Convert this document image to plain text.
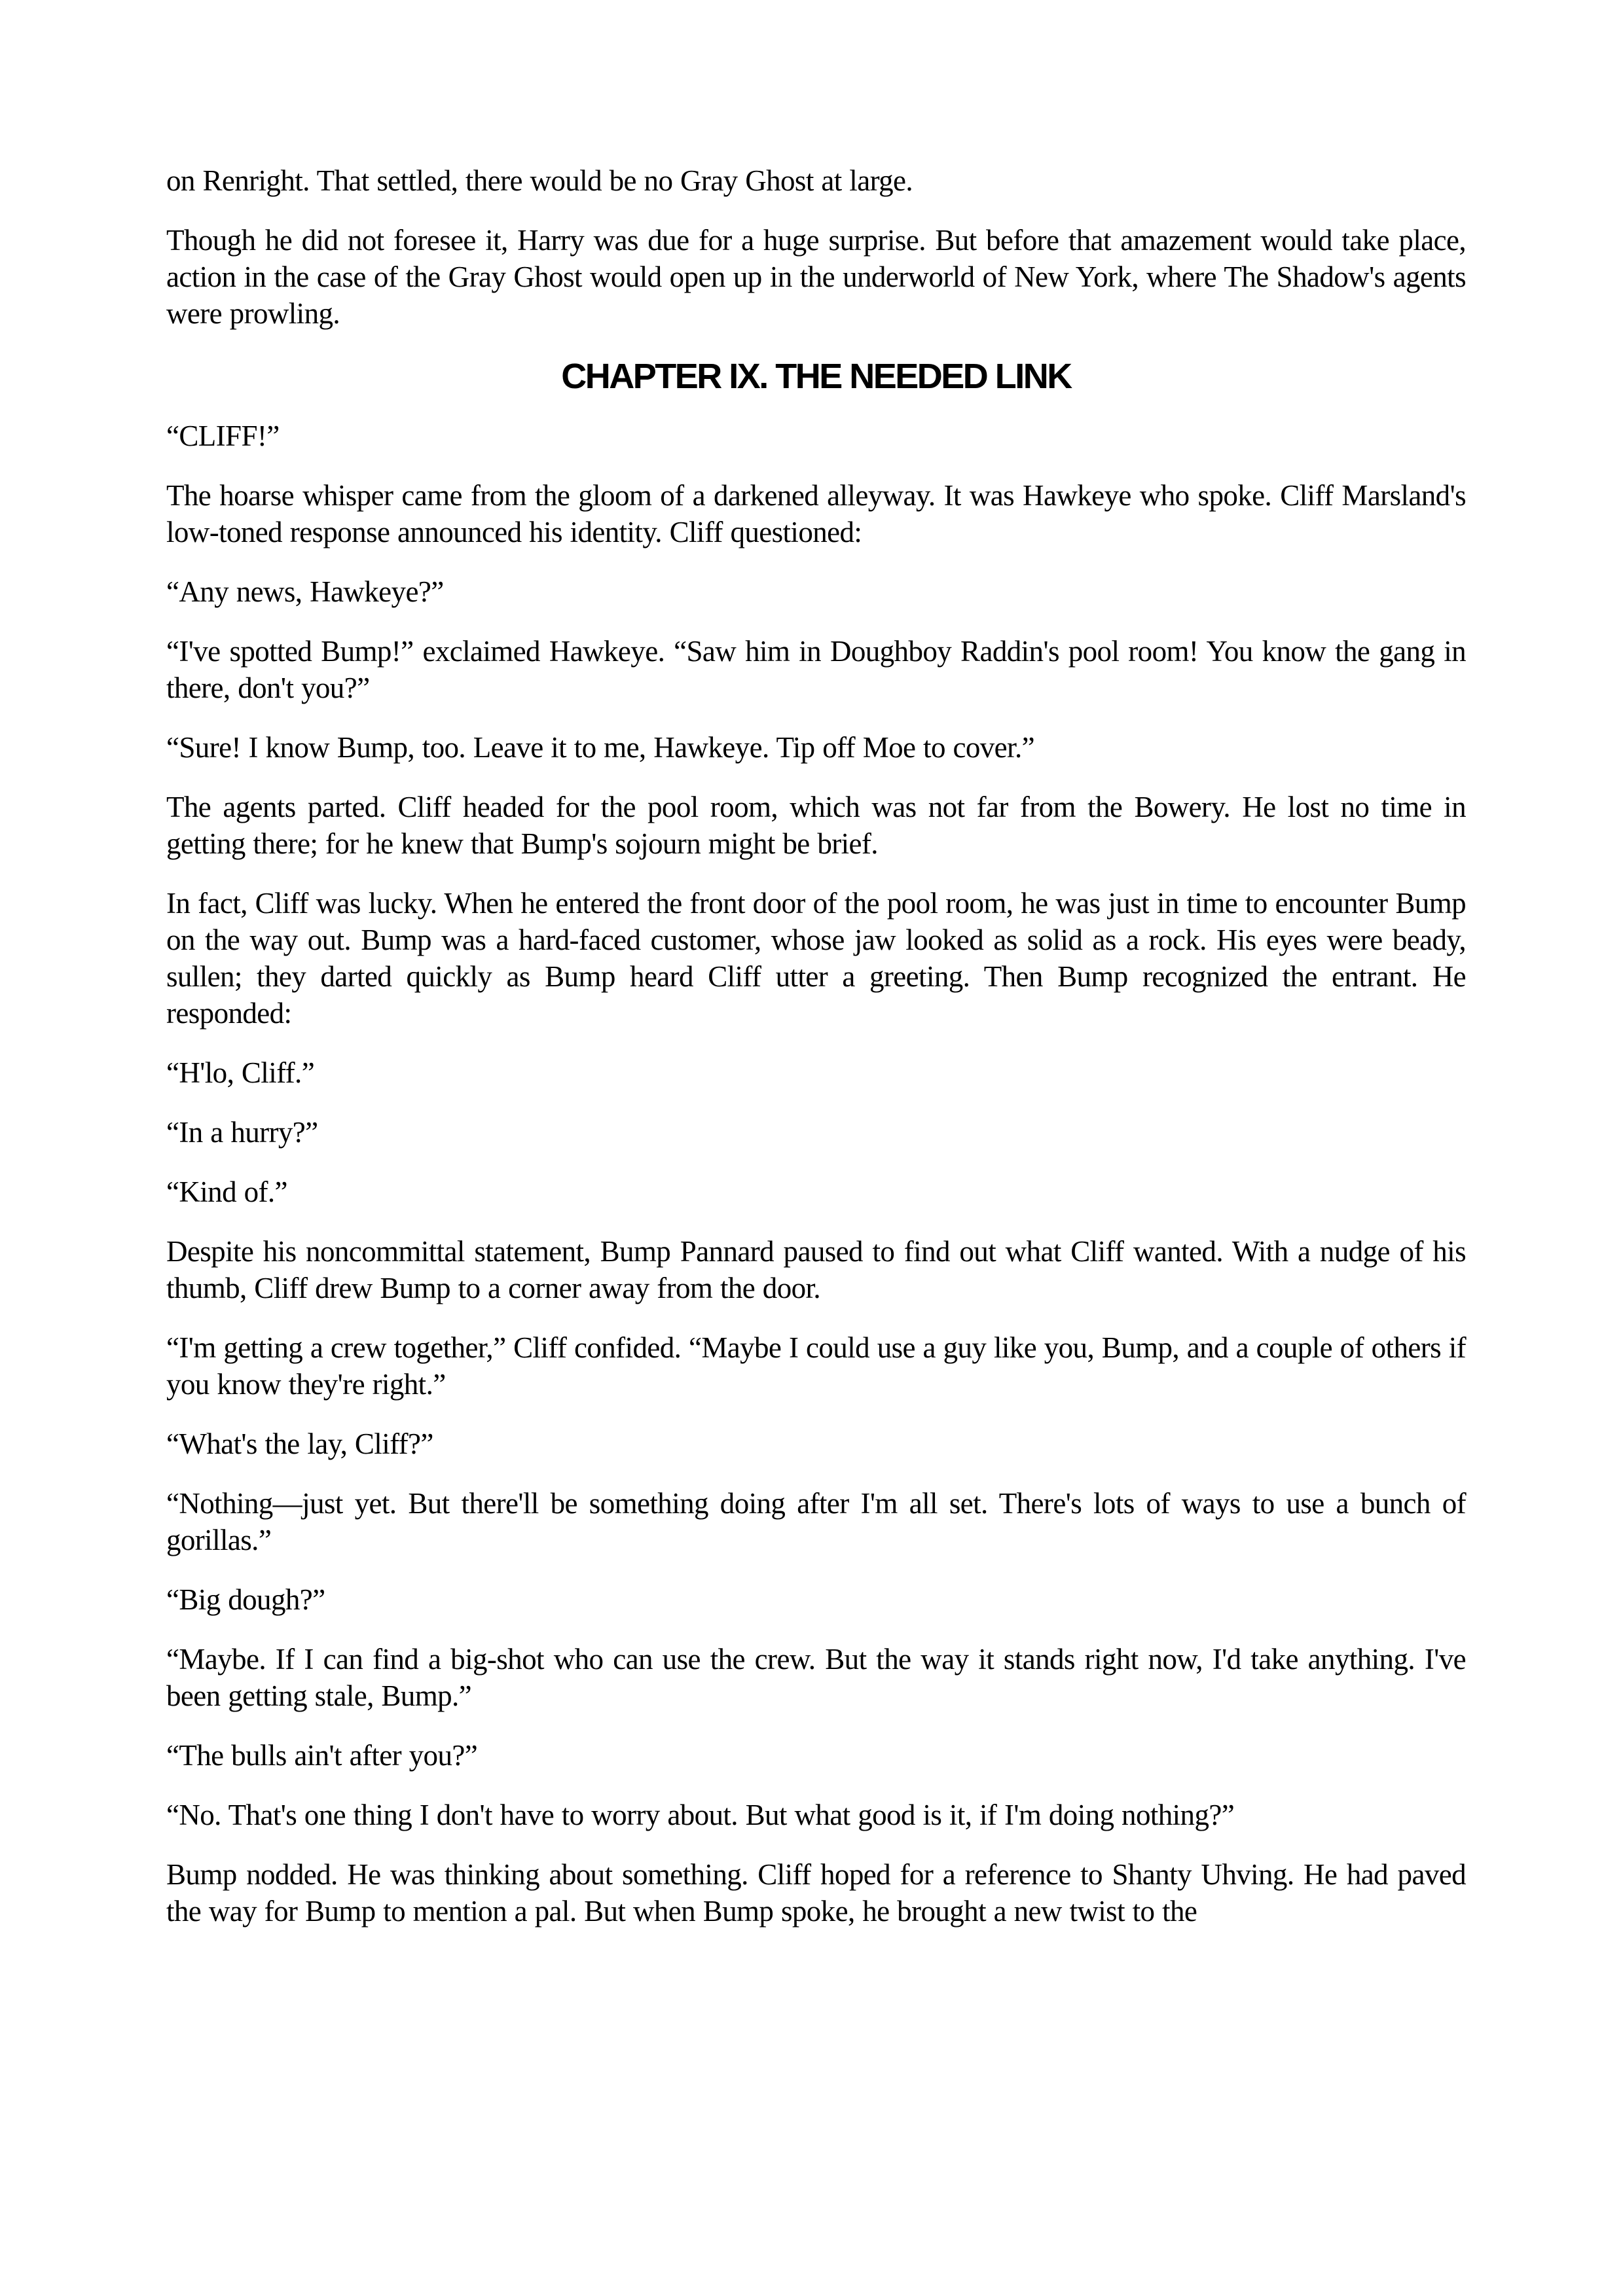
on Renright. That settled, there would be no Gray Ghost at large.

Though he did not foresee it, Harry was due for a huge surprise. But before that amazement would take place, action in the case of the Gray Ghost would open up in the underworld of New York, where The Shadow's agents were prowling.

CHAPTER IX. THE NEEDED LINK

“CLIFF!”

The hoarse whisper came from the gloom of a darkened alleyway. It was Hawkeye who spoke. Cliff Marsland's low-toned response announced his identity. Cliff questioned:

“Any news, Hawkeye?”

“I've spotted Bump!” exclaimed Hawkeye. “Saw him in Doughboy Raddin's pool room! You know the gang in there, don't you?”

“Sure! I know Bump, too. Leave it to me, Hawkeye. Tip off Moe to cover.”

The agents parted. Cliff headed for the pool room, which was not far from the Bowery. He lost no time in getting there; for he knew that Bump's sojourn might be brief.

In fact, Cliff was lucky. When he entered the front door of the pool room, he was just in time to encounter Bump on the way out. Bump was a hard-faced customer, whose jaw looked as solid as a rock. His eyes were beady, sullen; they darted quickly as Bump heard Cliff utter a greeting. Then Bump recognized the entrant. He responded:

“H'lo, Cliff.”

“In a hurry?”

“Kind of.”

Despite his noncommittal statement, Bump Pannard paused to find out what Cliff wanted. With a nudge of his thumb, Cliff drew Bump to a corner away from the door.

“I'm getting a crew together,” Cliff confided. “Maybe I could use a guy like you, Bump, and a couple of others if you know they're right.”

“What's the lay, Cliff?”

“Nothing—just yet. But there'll be something doing after I'm all set. There's lots of ways to use a bunch of gorillas.”

“Big dough?”

“Maybe. If I can find a big-shot who can use the crew. But the way it stands right now, I'd take anything. I've been getting stale, Bump.”

“The bulls ain't after you?”

“No. That's one thing I don't have to worry about. But what good is it, if I'm doing nothing?”

Bump nodded. He was thinking about something. Cliff hoped for a reference to Shanty Uhving. He had paved the way for Bump to mention a pal. But when Bump spoke, he brought a new twist to the
